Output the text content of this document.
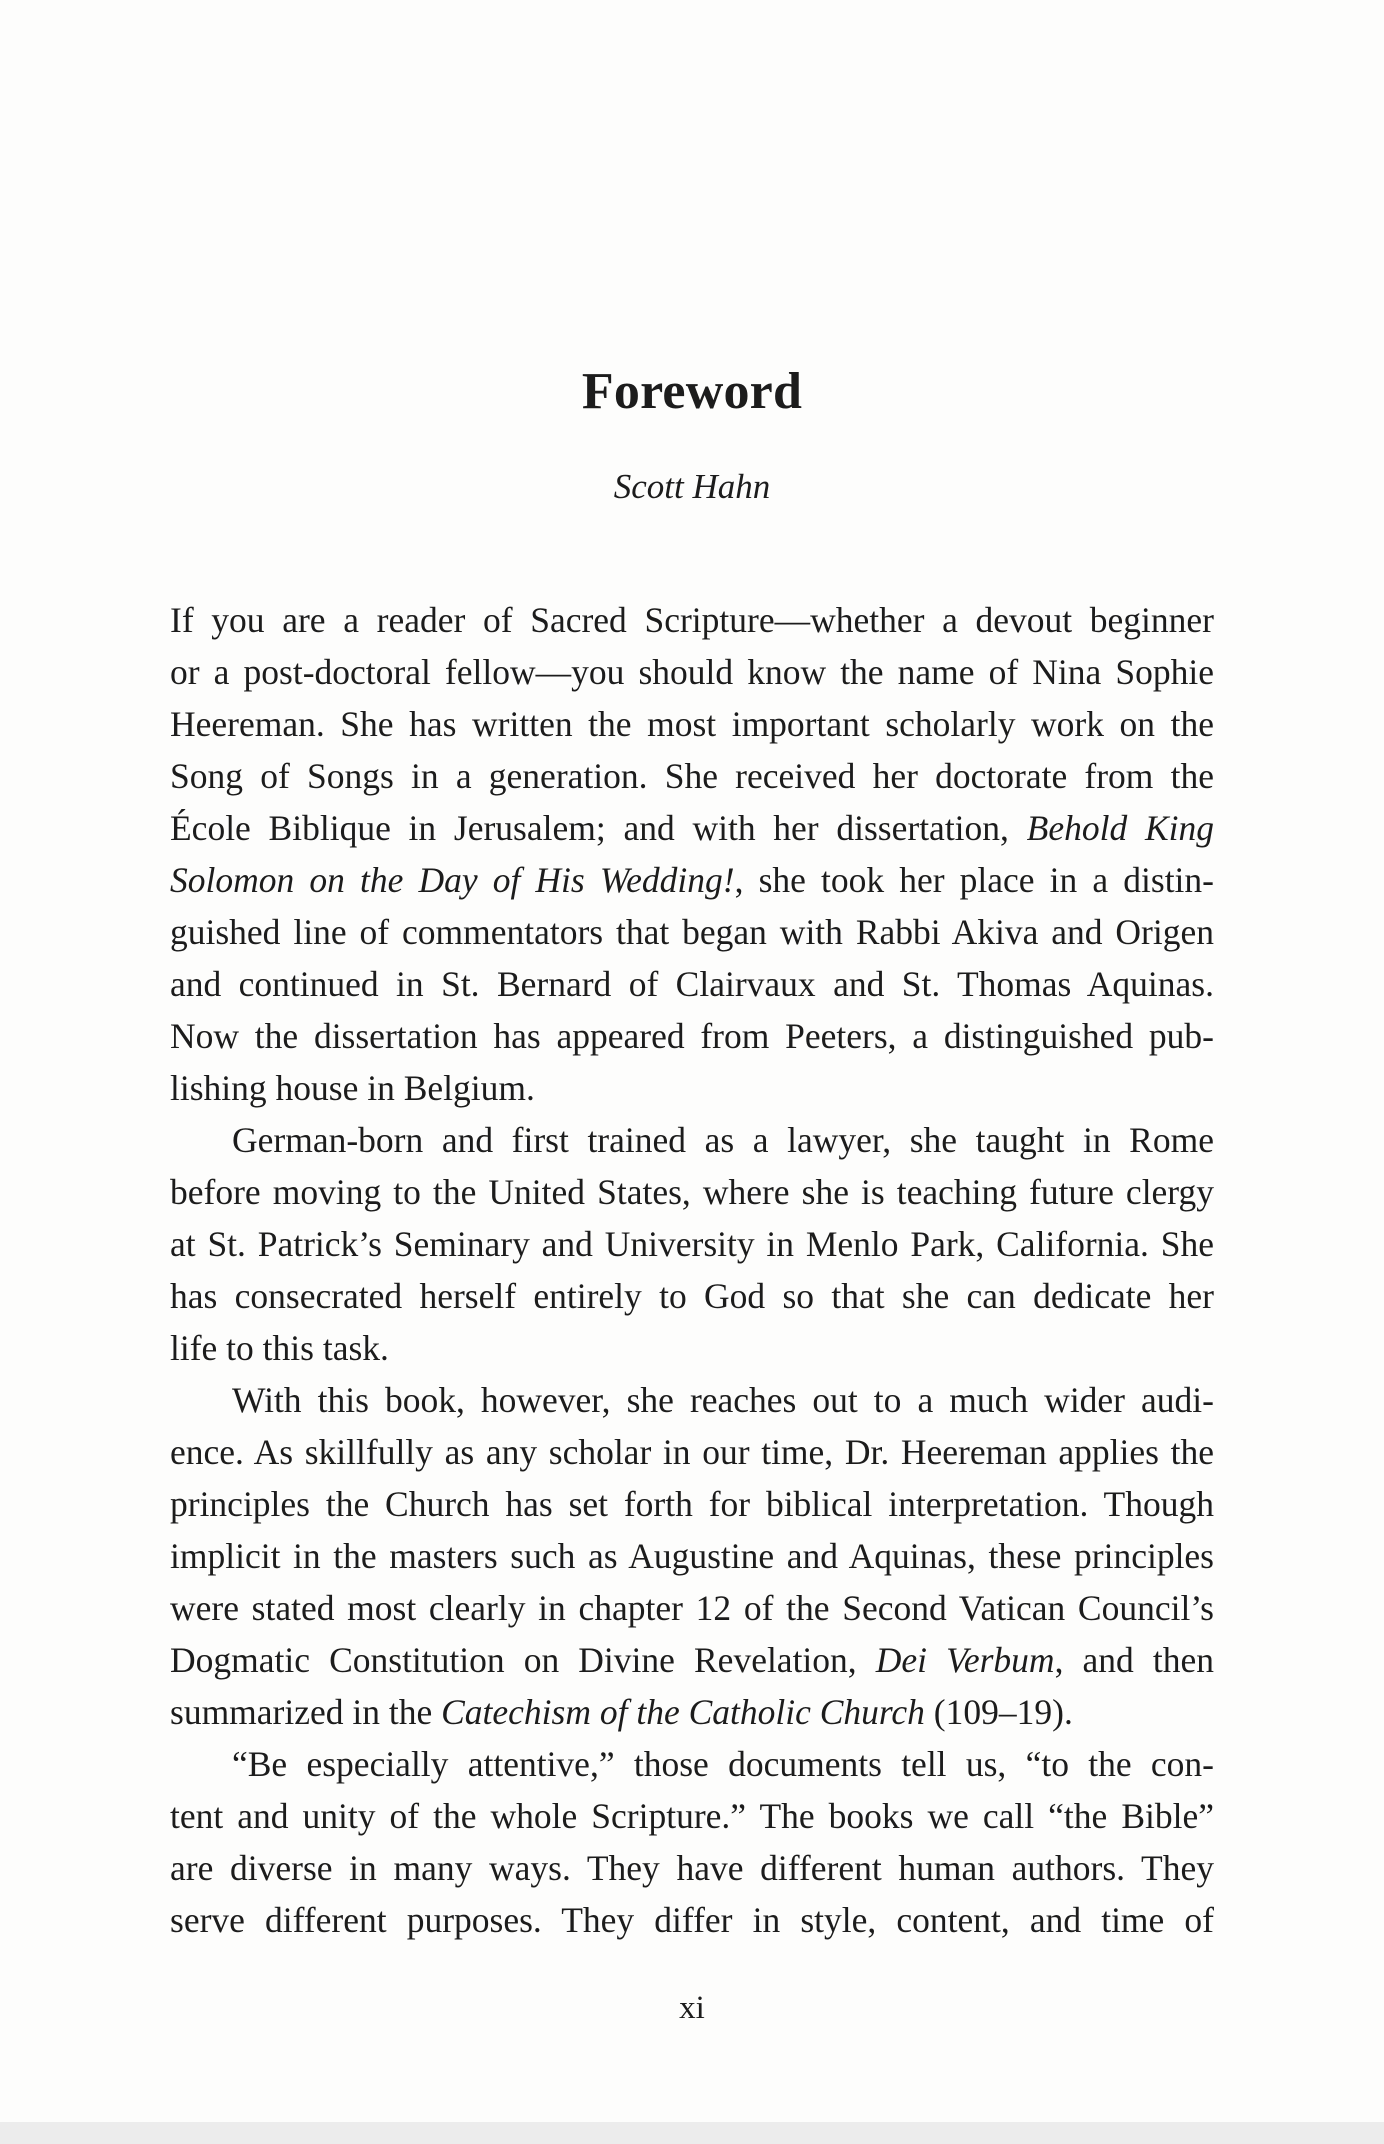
Foreword
Scott Hahn

If you are a reader of Sacred Scripture—whether a devout beginner
or a post-doctoral fellow—you should know the name of Nina Sophie
Heereman. She has written the most important scholarly work on the
Song of Songs in a generation. She received her doctorate from the
École Biblique in Jerusalem; and with her dissertation, Behold King
Solomon on the Day of His Wedding!, she took her place in a distin-
guished line of commentators that began with Rabbi Akiva and Origen
and continued in St. Bernard of Clairvaux and St. Thomas Aquinas.
Now the dissertation has appeared from Peeters, a distinguished pub-
lishing house in Belgium.

German-born and first trained as a lawyer, she taught in Rome
before moving to the United States, where she is teaching future clergy
at St. Patrick’s Seminary and University in Menlo Park, California. She
has consecrated herself entirely to God so that she can dedicate her
life to this task.

With this book, however, she reaches out to a much wider audi-
ence. As skillfully as any scholar in our time, Dr. Heereman applies the
principles the Church has set forth for biblical interpretation. Though
implicit in the masters such as Augustine and Aquinas, these principles
were stated most clearly in chapter 12 of the Second Vatican Council’s
Dogmatic Constitution on Divine Revelation, Dei Verbum, and then
summarized in the Catechism of the Catholic Church (109–19).

“Be especially attentive,” those documents tell us, “to the con-
tent and unity of the whole Scripture.” The books we call “the Bible”
are diverse in many ways. They have different human authors. They
serve different purposes. They differ in style, content, and time of

xi
